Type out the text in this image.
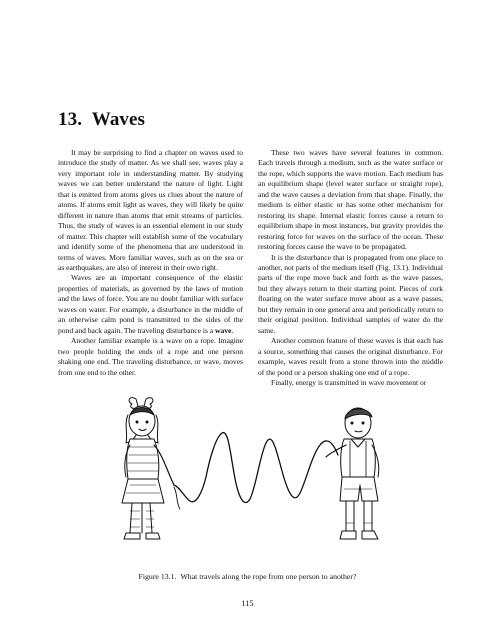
13. Waves

It may be surprising to find a chapter on waves used to introduce the study of matter. As we shall see, waves play a very important role in understanding matter. By studying waves we can better understand the nature of light. Light that is emitted from atoms gives us clues about the nature of atoms. If atoms emit light as waves, they will likely be quite different in nature than atoms that emit streams of particles. Thus, the study of waves is an essential element in our study of matter. This chapter will establish some of the vocabulary and identify some of the phenomena that are understood in terms of waves. More familiar waves, such as on the sea or as earthquakes, are also of interest in their own right.

Waves are an important consequence of the elastic properties of materials, as governed by the laws of motion and the laws of force. You are no doubt familiar with surface waves on water. For example, a disturbance in the middle of an otherwise calm pond is transmitted to the sides of the pond and back again. The traveling disturbance is a wave.

Another familiar example is a wave on a rope. Imagine two people holding the ends of a rope and one person shaking one end. The traveling disturbance, or wave, moves from one end to the other.

These two waves have several features in common. Each travels through a medium, such as the water surface or the rope, which supports the wave motion. Each medium has an equilibrium shape (level water surface or straight rope), and the wave causes a deviation from that shape. Finally, the medium is either elastic or has some other mechanism for restoring its shape. Internal elastic forces cause a return to equilibrium shape in most instances, but gravity provides the restoring force for waves on the surface of the ocean. These restoring forces cause the wave to be propagated.

It is the disturbance that is propagated from one place to another, not parts of the medium itself (Fig. 13.1). Individual parts of the rope move back and forth as the wave passes, but they always return to their starting point. Pieces of cork floating on the water surface move about as a wave passes, but they remain in one general area and periodically return to their original position. Individual samples of water do the same.

Another common feature of these waves is that each has a source, something that causes the original disturbance. For example, waves result from a stone thrown into the middle of the pond or a person shaking one end of a rope.

Finally, energy is transmitted in wave movement or

Figure 13.1. What travels along the rope from one person to another?
115
